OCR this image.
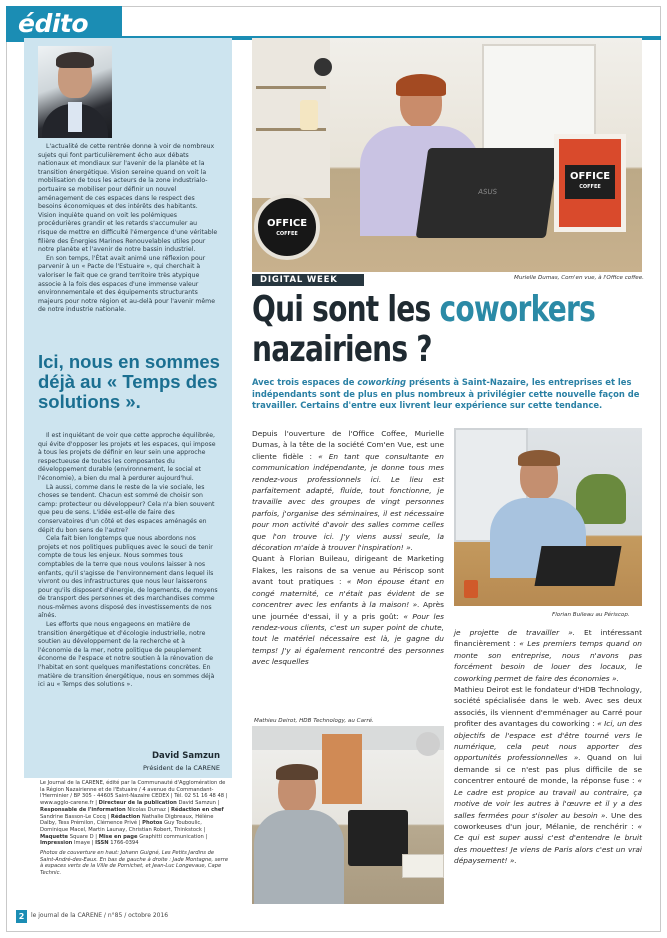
édito

L'actualité de cette rentrée donne à voir de nombreux sujets qui font particulièrement écho aux débats nationaux et mondiaux sur l'avenir de la planète et la transition énergétique. Vision sereine quand on voit la mobilisation de tous les acteurs de la zone industrialo-portuaire se mobiliser pour définir un nouvel aménagement de ces espaces dans le respect des besoins économiques et des intérêts des habitants. Vision inquiète quand on voit les polémiques procédurières grandir et les retards s'accumuler au risque de mettre en difficulté l'émergence d'une véritable filière des Énergies Marines Renouvelables utiles pour notre planète et l'avenir de notre bassin industriel.

En son temps, l'État avait animé une réflexion pour parvenir à un « Pacte de l'Estuaire », qui cherchait à valoriser le fait que ce grand territoire très atypique associe à la fois des espaces d'une immense valeur environnementale et des équipements structurants majeurs pour notre région et au-delà pour l'avenir même de notre industrie nationale.

Ici, nous en sommes déjà au « Temps des solutions ».

Il est inquiétant de voir que cette approche équilibrée, qui évite d'opposer les projets et les espaces, qui impose à tous les projets de définir en leur sein une approche respectueuse de toutes les composantes du développement durable (environnement, le social et l'économie), a bien du mal à perdurer aujourd'hui.

Là aussi, comme dans le reste de la vie sociale, les choses se tendent. Chacun est sommé de choisir son camp: protecteur ou développeur? Cela n'a bien souvent que peu de sens. L'idée est-elle de faire des conservatoires d'un côté et des espaces aménagés en dépit du bon sens de l'autre?

Cela fait bien longtemps que nous abordons nos projets et nos politiques publiques avec le souci de tenir compte de tous les enjeux. Nous sommes tous comptables de la terre que nous voulons laisser à nos enfants, qu'il s'agisse de l'environnement dans lequel ils vivront ou des infrastructures que nous leur laisserons pour qu'ils disposent d'énergie, de logements, de moyens de transport des personnes et des marchandises comme nous-mêmes avons disposé des investissements de nos aînés.

Les efforts que nous engageons en matière de transition énergétique et d'écologie industrielle, notre soutien au développement de la recherche et à l'économie de la mer, notre politique de peuplement économe de l'espace et notre soutien à la rénovation de l'habitat en sont quelques manifestations concrètes. En matière de transition énergétique, nous en sommes déjà ici au « Temps des solutions ».

David Samzun
Président de la CARENE
Le Journal de la CARENE, édité par la Communauté d'Agglomération de la Région Nazairienne et de l'Estuaire / 4 avenue du Commandant-l'Herminier / BP 305 - 44605 Saint-Nazaire CEDEX | Tél. 02 51 16 48 48 | www.agglo-carene.fr | Directeur de la publication David Samzun | Responsable de l'information Nicolas Dumaz | Rédaction en chef Sandrine Basson-Le Cocq | Rédaction Nathalie Digbreaux, Hélène Dalby, Tess Prémilon, Clémence Privé | Photos Guy Touboulic, Dominique Macel, Martin Launay, Christian Robert, Thinkstock | Maquette Square D | Mise en page Graphitti communication | Impression Imaye | ISSN 1766-0394
Photos de couverture en haut: Johann Guigné, Les Petits Jardins de Saint-André-des-Eaux. En bas de gauche à droite : Jade Montagne, serre à espaces verts de la Ville de Pornichet, et Jean-Luc Longevaue, Cape Technic.
ASUS
OFFICE
COFFEE
OFFICE
COFFEE
Murielle Dumas, Com'en vue, à l'Office coffee.
DIGITAL WEEK
Qui sont les coworkers
nazairiens ?
Avec trois espaces de coworking présents à Saint-Nazaire, les entreprises et les indépendants sont de plus en plus nombreux à privilégier cette nouvelle façon de travailler. Certains d'entre eux livrent leur expérience sur cette tendance.

Depuis l'ouverture de l'Office Coffee, Murielle Dumas, à la tête de la société Com'en Vue, est une cliente fidèle : « En tant que consultante en communication indépendante, je donne tous mes rendez-vous professionnels ici. Le lieu est parfaitement adapté, fluide, tout fonctionne, je travaille avec des groupes de vingt personnes parfois, j'organise des séminaires, il est nécessaire pour mon activité d'avoir des salles comme celles que l'on trouve ici. J'y viens aussi seule, la décoration m'aide à trouver l'inspiration! ».

Quant à Florian Buileau, dirigeant de Marketing Flakes, les raisons de sa venue au Périscop sont avant tout pratiques : « Mon épouse étant en congé maternité, ce n'était pas évident de se concentrer avec les enfants à la maison! ». Après une journée d'essai, il y a pris goût: « Pour les rendez-vous clients, c'est un super point de chute, tout le matériel nécessaire est là, je gagne du temps! J'y ai également rencontré des personnes avec lesquelles

Florian Buileau au Périscop.

je projette de travailler ». Et intéressant financièrement : « Les premiers temps quand on monte son entreprise, nous n'avons pas forcément besoin de louer des locaux, le coworking permet de faire des économies ».

Mathieu Deirot est le fondateur d'HDB Technology, société spécialisée dans le web. Avec ses deux associés, ils viennent d'emménager au Carré pour profiter des avantages du coworking : « Ici, un des objectifs de l'espace est d'être tourné vers le numérique, cela peut nous apporter des opportunités professionnelles ». Quand on lui demande si ce n'est pas plus difficile de se concentrer entouré de monde, la réponse fuse : « Le cadre est propice au travail au contraire, ça motive de voir les autres à l'œuvre et il y a des salles fermées pour s'isoler au besoin ». Une des coworkeuses d'un jour, Mélanie, de renchérir : « Ce qui est super aussi c'est d'entendre le bruit des mouettes! Je viens de Paris alors c'est un vrai dépaysement! ».

Mathieu Deirot, HDB Technology, au Carré.
2	le journal de la CARENE / n°85 / octobre 2016
